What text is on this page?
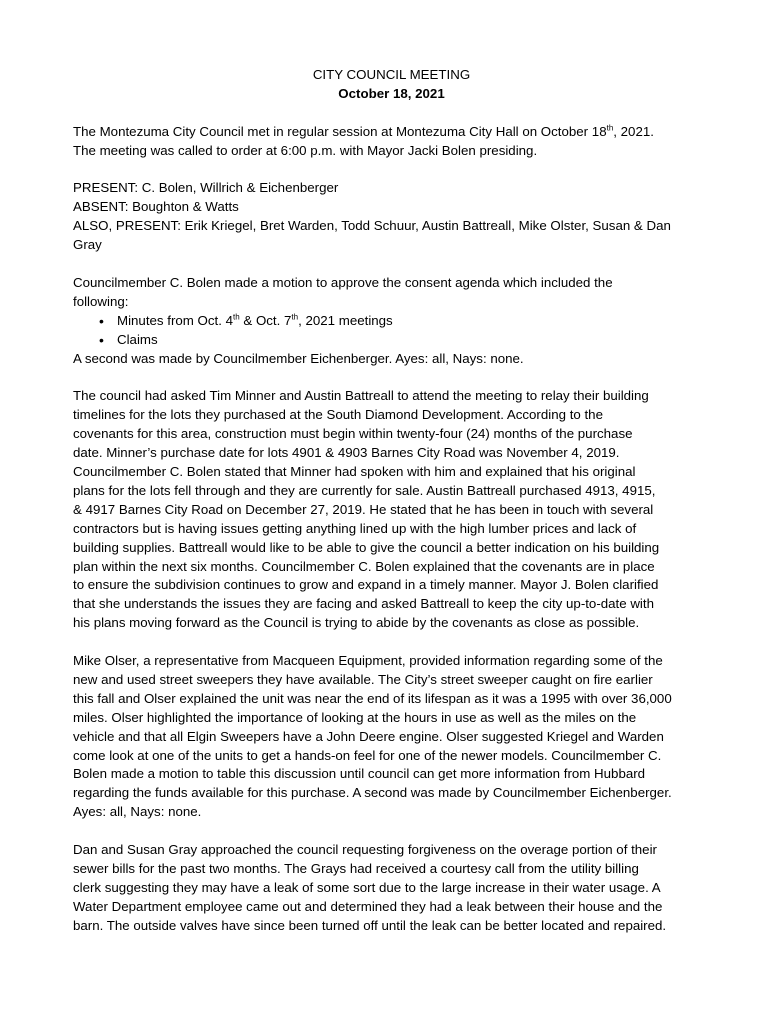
CITY COUNCIL MEETING
October 18, 2021

The Montezuma City Council met in regular session at Montezuma City Hall on October 18th, 2021.
The meeting was called to order at 6:00 p.m. with Mayor Jacki Bolen presiding.

PRESENT: C. Bolen, Willrich & Eichenberger
ABSENT: Boughton & Watts
ALSO, PRESENT: Erik Kriegel, Bret Warden, Todd Schuur, Austin Battreall, Mike Olster, Susan & Dan
Gray

Councilmember C. Bolen made a motion to approve the consent agenda which included the
following:
• Minutes from Oct. 4th & Oct. 7th, 2021 meetings
• Claims
A second was made by Councilmember Eichenberger. Ayes: all, Nays: none.

The council had asked Tim Minner and Austin Battreall to attend the meeting to relay their building
timelines for the lots they purchased at the South Diamond Development. According to the
covenants for this area, construction must begin within twenty-four (24) months of the purchase
date. Minner’s purchase date for lots 4901 & 4903 Barnes City Road was November 4, 2019.
Councilmember C. Bolen stated that Minner had spoken with him and explained that his original
plans for the lots fell through and they are currently for sale. Austin Battreall purchased 4913, 4915,
& 4917 Barnes City Road on December 27, 2019. He stated that he has been in touch with several
contractors but is having issues getting anything lined up with the high lumber prices and lack of
building supplies. Battreall would like to be able to give the council a better indication on his building
plan within the next six months. Councilmember C. Bolen explained that the covenants are in place
to ensure the subdivision continues to grow and expand in a timely manner. Mayor J. Bolen clarified
that she understands the issues they are facing and asked Battreall to keep the city up-to-date with
his plans moving forward as the Council is trying to abide by the covenants as close as possible.

Mike Olser, a representative from Macqueen Equipment, provided information regarding some of the
new and used street sweepers they have available. The City’s street sweeper caught on fire earlier
this fall and Olser explained the unit was near the end of its lifespan as it was a 1995 with over 36,000
miles. Olser highlighted the importance of looking at the hours in use as well as the miles on the
vehicle and that all Elgin Sweepers have a John Deere engine. Olser suggested Kriegel and Warden
come look at one of the units to get a hands-on feel for one of the newer models. Councilmember C.
Bolen made a motion to table this discussion until council can get more information from Hubbard
regarding the funds available for this purchase. A second was made by Councilmember Eichenberger.
Ayes: all, Nays: none.

Dan and Susan Gray approached the council requesting forgiveness on the overage portion of their
sewer bills for the past two months. The Grays had received a courtesy call from the utility billing
clerk suggesting they may have a leak of some sort due to the large increase in their water usage. A
Water Department employee came out and determined they had a leak between their house and the
barn. The outside valves have since been turned off until the leak can be better located and repaired.
